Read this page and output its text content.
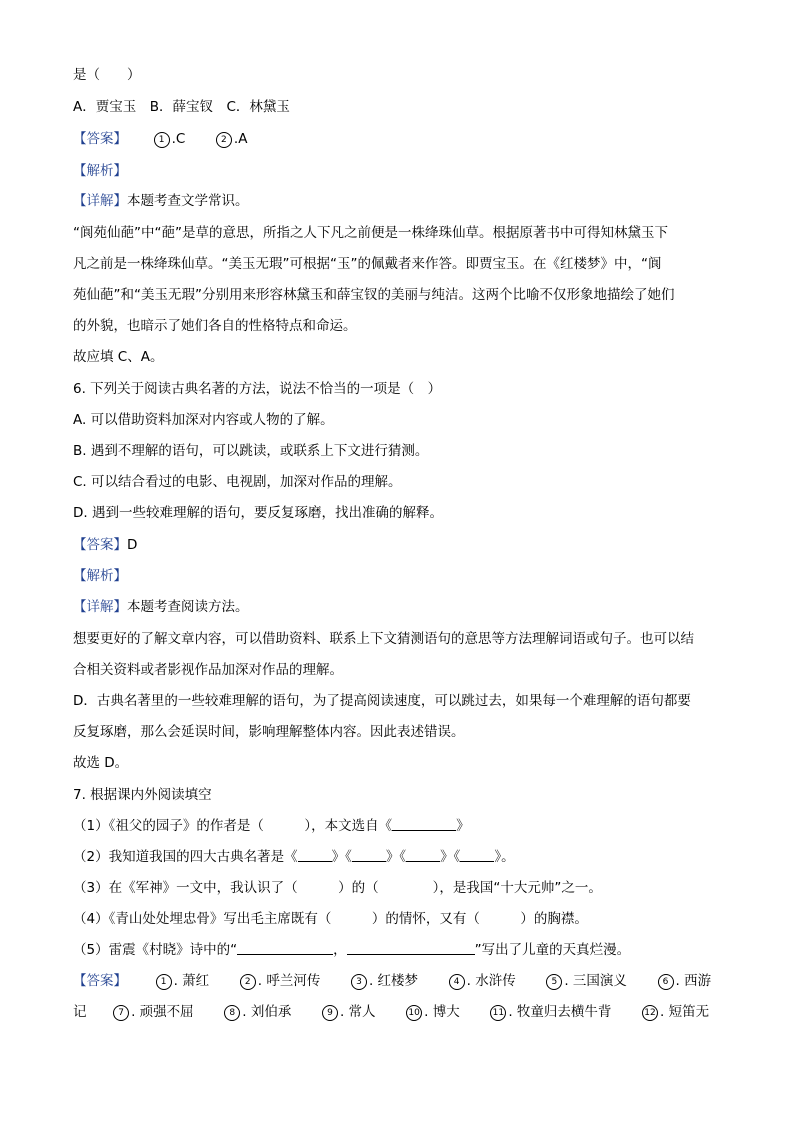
是（　　）
A．贾宝玉　B．薛宝钗　C．林黛玉
【答案】	1 .C	2 .A
【解析】
【详解】本题考查文学常识。
“阆苑仙葩”中“葩”是草的意思，所指之人下凡之前便是一株绛珠仙草。根据原著书中可得知林黛玉下
凡之前是一株绛珠仙草。“美玉无瑕”可根据“玉”的佩戴者来作答。即贾宝玉。在《红楼梦》中，“阆
苑仙葩”和“美玉无瑕”分别用来形容林黛玉和薛宝钗的美丽与纯洁。这两个比喻不仅形象地描绘了她们
的外貌，也暗示了她们各自的性格特点和命运。
故应填 C、A。
6. 下列关于阅读古典名著的方法，说法不恰当的一项是（　）
A. 可以借助资料加深对内容或人物的了解。
B. 遇到不理解的语句，可以跳读，或联系上下文进行猜测。
C. 可以结合看过的电影、电视剧，加深对作品的理解。
D. 遇到一些较难理解的语句，要反复琢磨，找出准确的解释。
【答案】D
【解析】
【详解】本题考查阅读方法。
想要更好的了解文章内容，可以借助资料、联系上下文猜测语句的意思等方法理解词语或句子。也可以结
合相关资料或者影视作品加深对作品的理解。
D．古典名著里的一些较难理解的语句，为了提高阅读速度，可以跳过去，如果每一个难理解的语句都要
反复琢磨，那么会延误时间，影响理解整体内容。因此表述错误。
故选 D。
7. 根据课内外阅读填空
（1）《祖父的园子》的作者是（　　　），本文选自《	》
（2）我知道我国的四大古典名著是《	》《	》《	》《	》。
（3）在《军神》一文中，我认识了（　　　）的（　　　　），是我国“十大元帅”之一。
（4）《青山处处埋忠骨》写出毛主席既有（　　　）的情怀，又有（　　　）的胸襟。
（5）雷震《村晓》诗中的“	，	”写出了儿童的天真烂漫。
【答案】	1 . 萧红	2 . 呼兰河传	3 . 红楼梦	4 . 水浒传	5 . 三国演义	6 . 西游
记	7 . 顽强不屈	8 . 刘伯承	9 . 常人	10 . 博大	11 . 牧童归去横牛背	12 . 短笛无
